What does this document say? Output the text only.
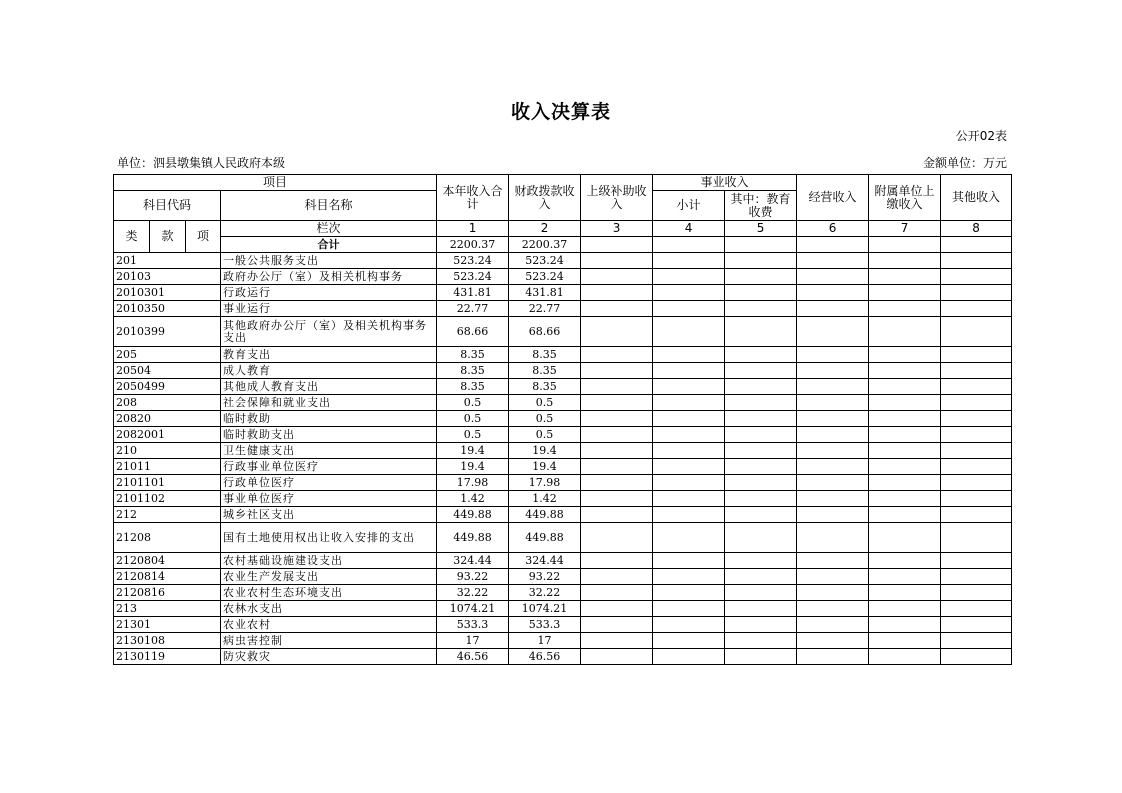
收入决算表
公开02表
单位：泗县墩集镇人民政府本级	金额单位：万元
项目				本年收入合计	财政拨款收入	上级补助收入	事业收入		经营收入	附属单位上缴收入	其他收入
科目代码			科目名称				小计	其中：教育收费			
类	款	项	栏次	1	2	3	4	5	6	7	8
			合计	2200.37	2200.37						
201			一般公共服务支出	523.24	523.24						
20103			政府办公厅（室）及相关机构事务	523.24	523.24						
2010301			行政运行	431.81	431.81						
2010350			事业运行	22.77	22.77						
2010399			其他政府办公厅（室）及相关机构事务支出	68.66	68.66						
205			教育支出	8.35	8.35						
20504			成人教育	8.35	8.35						
2050499			其他成人教育支出	8.35	8.35						
208			社会保障和就业支出	0.5	0.5						
20820			临时救助	0.5	0.5						
2082001			临时救助支出	0.5	0.5						
210			卫生健康支出	19.4	19.4						
21011			行政事业单位医疗	19.4	19.4						
2101101			行政单位医疗	17.98	17.98						
2101102			事业单位医疗	1.42	1.42						
212			城乡社区支出	449.88	449.88						
21208			国有土地使用权出让收入安排的支出	449.88	449.88						
2120804			农村基础设施建设支出	324.44	324.44						
2120814			农业生产发展支出	93.22	93.22						
2120816			农业农村生态环境支出	32.22	32.22						
213			农林水支出	1074.21	1074.21						
21301			农业农村	533.3	533.3						
2130108			病虫害控制	17	17						
2130119			防灾救灾	46.56	46.56						
